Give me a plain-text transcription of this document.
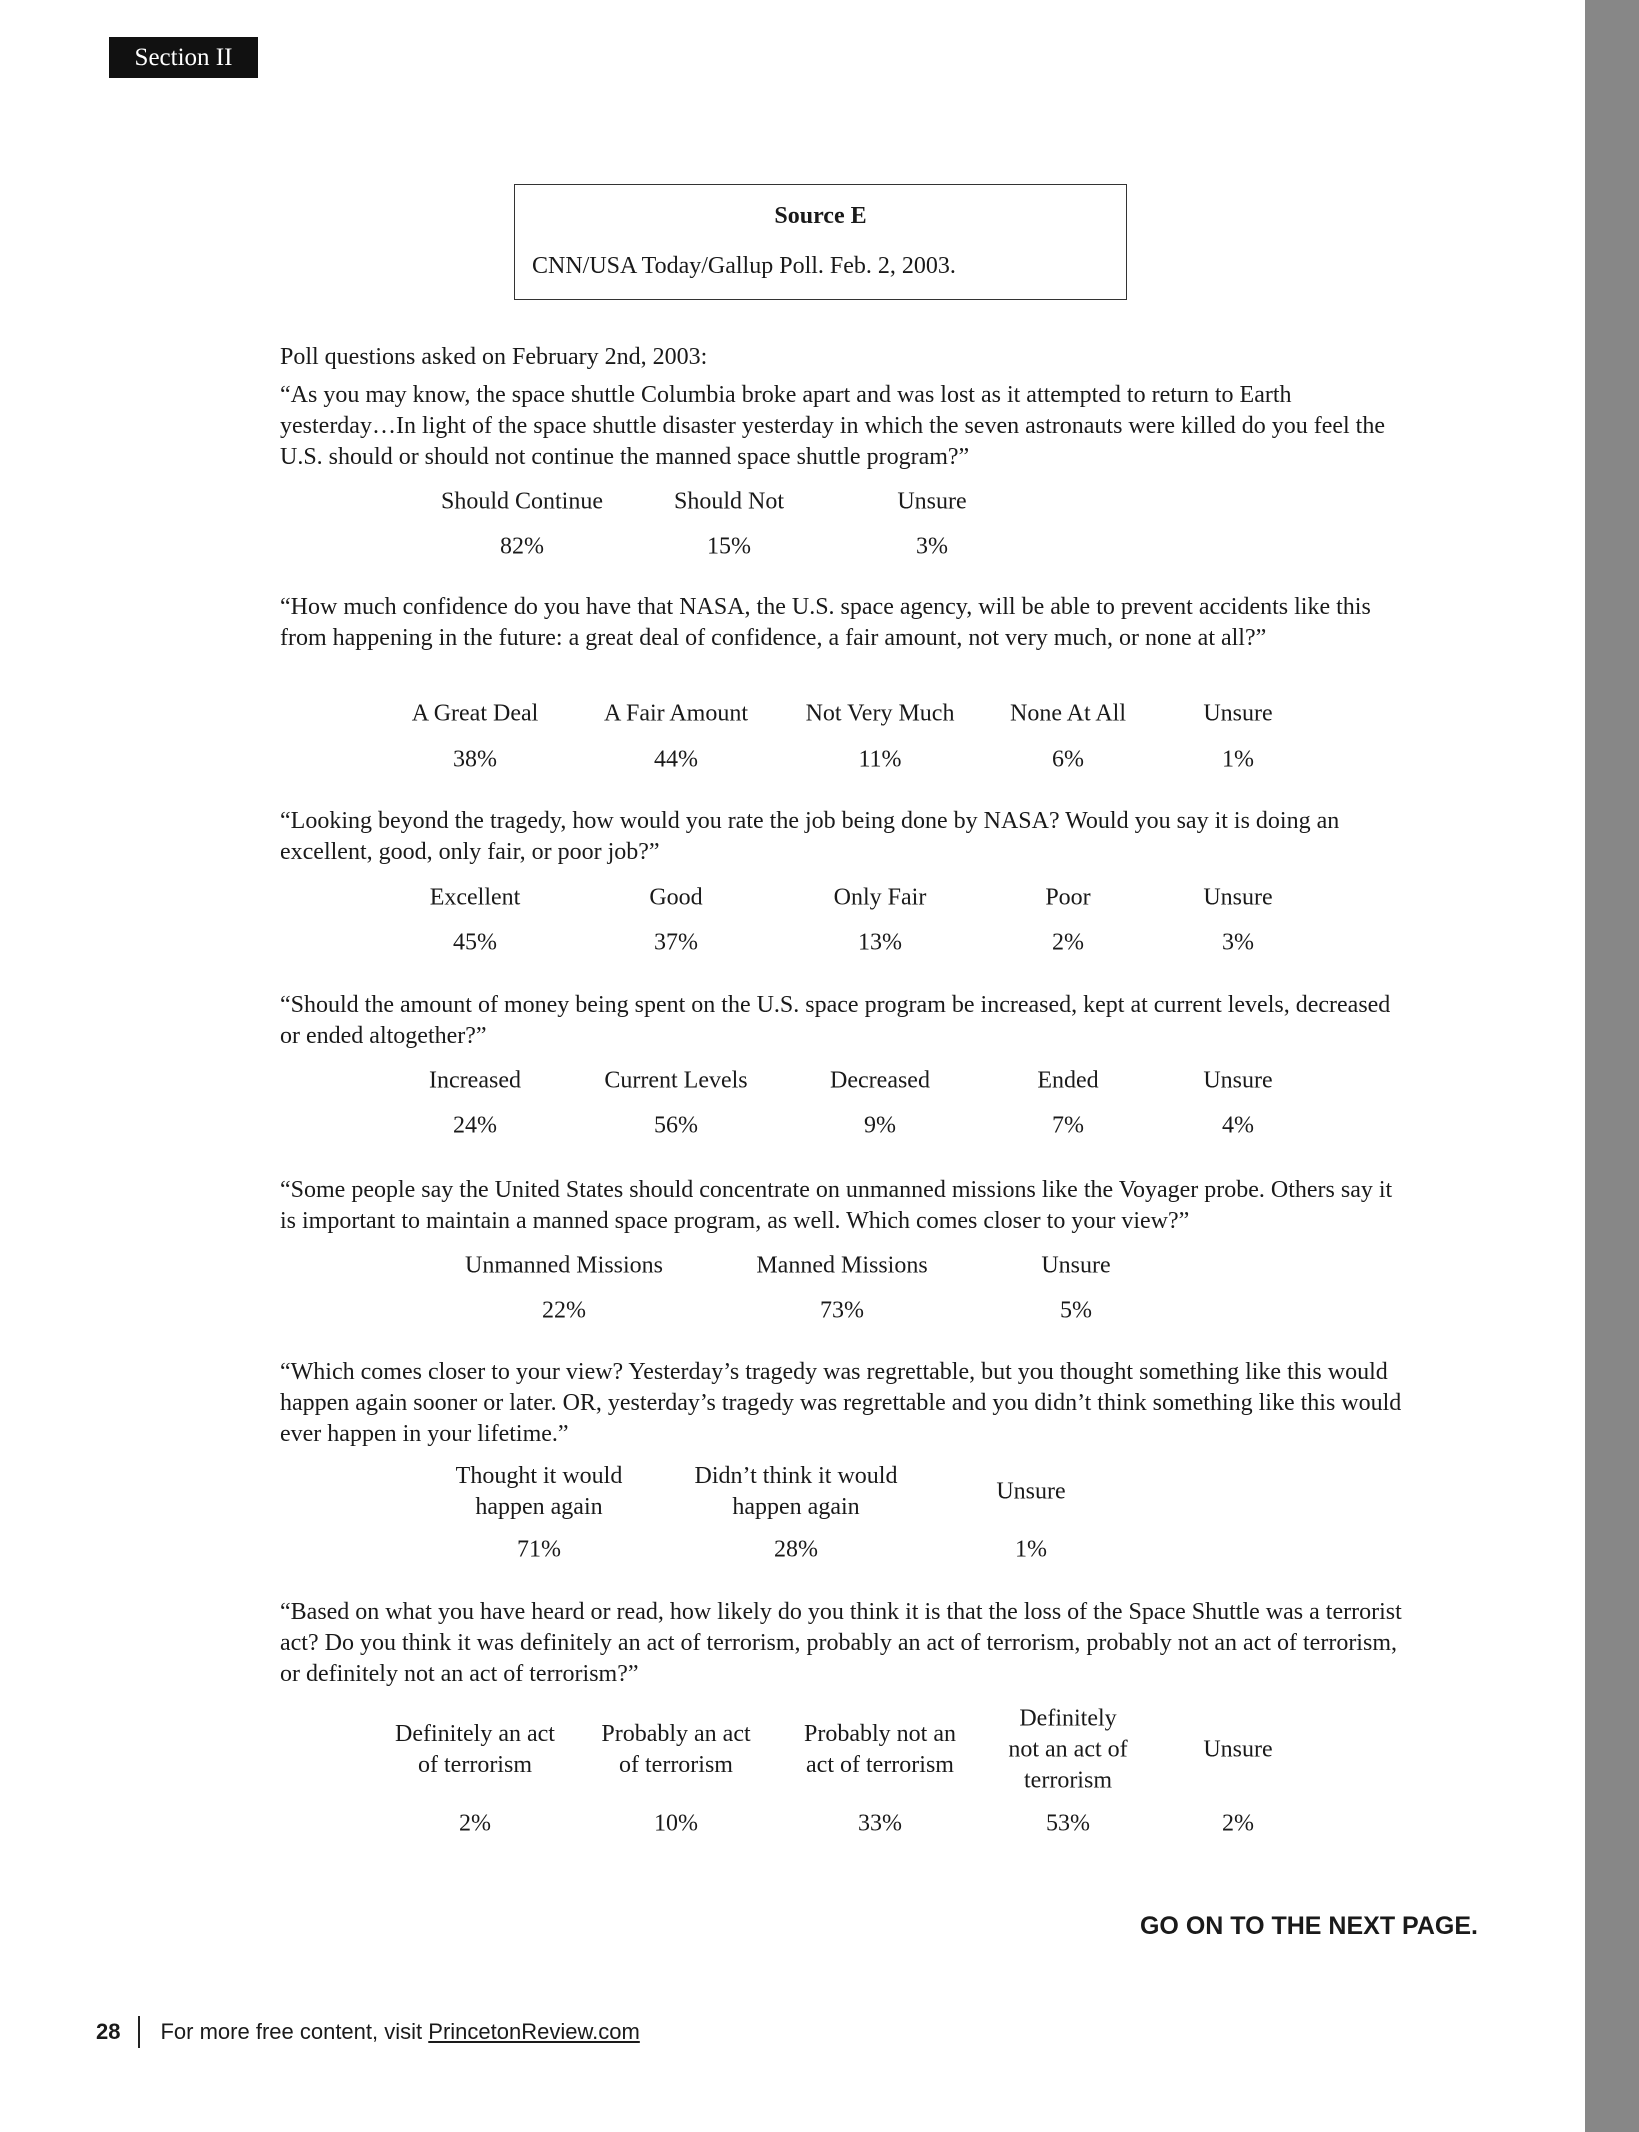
Section II
Source E
CNN/USA Today/Gallup Poll. Feb. 2, 2003.
Poll questions asked on February 2nd, 2003:
“As you may know, the space shuttle Columbia broke apart and was lost as it attempted to return to Earth yesterday…In light of the space shuttle disaster yesterday in which the seven astronauts were killed do you feel the U.S. should or should not continue the manned space shuttle program?”
Should Continue
82%
Should Not
15%
Unsure
3%
“How much confidence do you have that NASA, the U.S. space agency, will be able to prevent accidents like this from happening in the future: a great deal of confidence, a fair amount, not very much, or none at all?”
A Great Deal
38%
A Fair Amount
44%
Not Very Much
11%
None At All
6%
Unsure
1%
“Looking beyond the tragedy, how would you rate the job being done by NASA? Would you say it is doing an excellent, good, only fair, or poor job?”
Excellent
45%
Good
37%
Only Fair
13%
Poor
2%
Unsure
3%
“Should the amount of money being spent on the U.S. space program be increased, kept at current levels, decreased or ended altogether?”
Increased
24%
Current Levels
56%
Decreased
9%
Ended
7%
Unsure
4%
“Some people say the United States should concentrate on unmanned missions like the Voyager probe. Others say it is important to maintain a manned space program, as well. Which comes closer to your view?”
Unmanned Missions
22%
Manned Missions
73%
Unsure
5%
“Which comes closer to your view? Yesterday’s tragedy was regrettable, but you thought something like this would happen again sooner or later. OR, yesterday’s tragedy was regrettable and you didn’t think something like this would ever happen in your lifetime.”
Thought it would
happen again
71%
Didn’t think it would
happen again
28%
Unsure
1%
“Based on what you have heard or read, how likely do you think it is that the loss of the Space Shuttle was a terrorist act? Do you think it was definitely an act of terrorism, probably an act of terrorism, probably not an act of terrorism, or definitely not an act of terrorism?”
Definitely an act
of terrorism
2%
Probably an act
of terrorism
10%
Probably not an
act of terrorism
33%
Definitely
not an act of
terrorism
53%
Unsure
2%
GO ON TO THE NEXT PAGE.
28 For more free content, visit
PrincetonReview.com
